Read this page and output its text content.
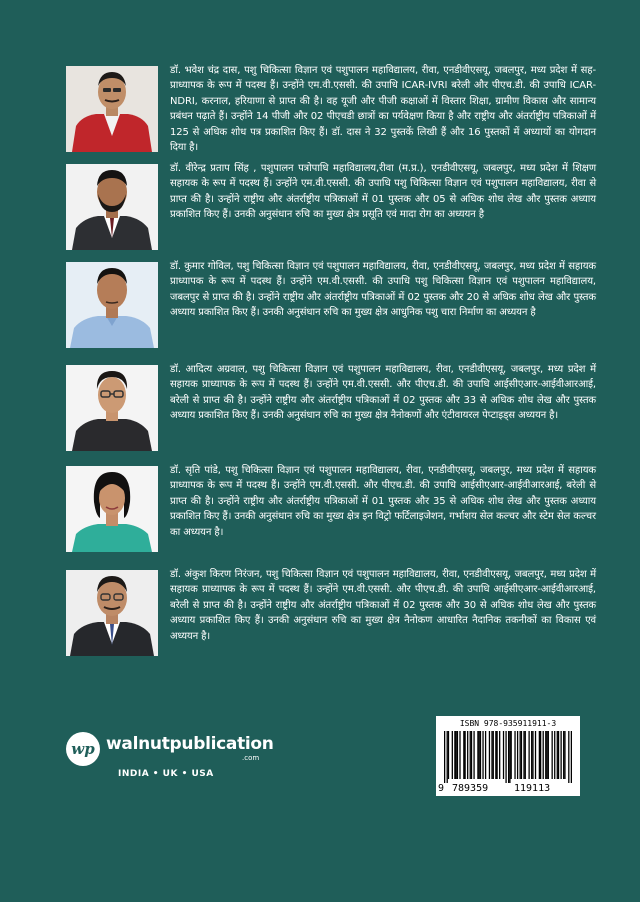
डॉ. भवेश चंद्र दास, पशु चिकित्सा विज्ञान एवं पशुपालन महाविद्यालय, रीवा, एनडीवीएसयू, जबलपुर, मध्य प्रदेश में सह-प्राध्यापक के रूप में पदस्थ हैं। उन्होंने एम.वी.एससी. की उपाधि ICAR-IVRI बरेली और पीएच.डी. की उपाधि ICAR-NDRI, करनाल, हरियाणा से प्राप्त की है। वह यूजी और पीजी कक्षाओं में विस्तार शिक्षा, ग्रामीण विकास और सामान्य प्रबंधन पढ़ाते हैं। उन्होंने 14 पीजी और 02 पीएचडी छात्रों का पर्यवेक्षण किया है और राष्ट्रीय और अंतर्राष्ट्रीय पत्रिकाओं में 125 से अधिक शोध पत्र प्रकाशित किए हैं। डॉ. दास ने 32 पुस्तकें लिखी हैं और 16 पुस्तकों में अध्यायों का योगदान दिया है।

डॉ. वीरेन्द्र प्रताप सिंह , पशुपालन पत्रोपाधि महाविद्यालय,रीवा (म.प्र.), एनडीवीएसयू, जबलपुर, मध्य प्रदेश में शिक्षण सहायक के रूप में पदस्थ हैं। उन्होंने एम.वी.एससी. की उपाधि पशु चिकित्सा विज्ञान एवं पशुपालन महाविद्यालय, रीवा से प्राप्त की है। उन्होंने राष्ट्रीय और अंतर्राष्ट्रीय पत्रिकाओं में 01 पुस्तक और 05 से अधिक शोध लेख और पुस्तक अध्याय प्रकाशित किए हैं। उनकी अनुसंधान रुचि का मुख्य क्षेत्र प्रसूति एवं मादा रोग का अध्ययन है

डॉ. कुमार गोविल, पशु चिकित्सा विज्ञान एवं पशुपालन महाविद्यालय, रीवा, एनडीवीएसयू, जबलपुर, मध्य प्रदेश में सहायक प्राध्यापक के रूप में पदस्थ हैं। उन्होंने एम.वी.एससी. की उपाधि पशु चिकित्सा विज्ञान एवं पशुपालन महाविद्यालय, जबलपुर से प्राप्त की है। उन्होंने राष्ट्रीय और अंतर्राष्ट्रीय पत्रिकाओं में 02 पुस्तक और 20 से अधिक शोध लेख और पुस्तक अध्याय प्रकाशित किए हैं। उनकी अनुसंधान रुचि का मुख्य क्षेत्र आधुनिक पशु चारा निर्माण का अध्ययन है

डॉ. आदित्य अग्रवाल, पशु चिकित्सा विज्ञान एवं पशुपालन महाविद्यालय, रीवा, एनडीवीएसयू, जबलपुर, मध्य प्रदेश में सहायक प्राध्यापक के रूप में पदस्थ हैं। उन्होंने एम.वी.एससी. और पीएच.डी. की उपाधि आईसीएआर-आईवीआरआई, बरेली से प्राप्त की है। उन्होंने राष्ट्रीय और अंतर्राष्ट्रीय पत्रिकाओं में 02 पुस्तक और 33 से अधिक शोध लेख और पुस्तक अध्याय प्रकाशित किए हैं। उनकी अनुसंधान रुचि का मुख्य क्षेत्र नैनोकणों और एंटीवायरल पेप्टाइड्स अध्ययन है।

डॉ. सृति पांडे, पशु चिकित्सा विज्ञान एवं पशुपालन महाविद्यालय, रीवा, एनडीवीएसयू, जबलपुर, मध्य प्रदेश में सहायक प्राध्यापक के रूप में पदस्थ हैं। उन्होंने एम.वी.एससी. और पीएच.डी. की उपाधि आईसीएआर-आईवीआरआई, बरेली से प्राप्त की है। उन्होंने राष्ट्रीय और अंतर्राष्ट्रीय पत्रिकाओं में 01 पुस्तक और 35 से अधिक शोध लेख और पुस्तक अध्याय प्रकाशित किए हैं। उनकी अनुसंधान रुचि का मुख्य क्षेत्र इन विट्रो फर्टिलाइजेशन, गर्भाशय सेल कल्चर और स्टेम सेल कल्चर का अध्ययन है।

डॉ. अंकुश किरण निरंजन, पशु चिकित्सा विज्ञान एवं पशुपालन महाविद्यालय, रीवा, एनडीवीएसयू, जबलपुर, मध्य प्रदेश में सहायक प्राध्यापक के रूप में पदस्थ हैं। उन्होंने एम.वी.एससी. और पीएच.डी. की उपाधि आईसीएआर-आईवीआरआई, बरेली से प्राप्त की है। उन्होंने राष्ट्रीय और अंतर्राष्ट्रीय पत्रिकाओं में 02 पुस्तक और 30 से अधिक शोध लेख और पुस्तक अध्याय प्रकाशित किए हैं। उनकी अनुसंधान रुचि का मुख्य क्षेत्र नैनोकण आधारित नैदानिक तकनीकों का विकास एवं अध्ययन है।

wp walnutpublication
.com
INDIA • UK • USA
ISBN 978-935911911-3
9 789359	119113
